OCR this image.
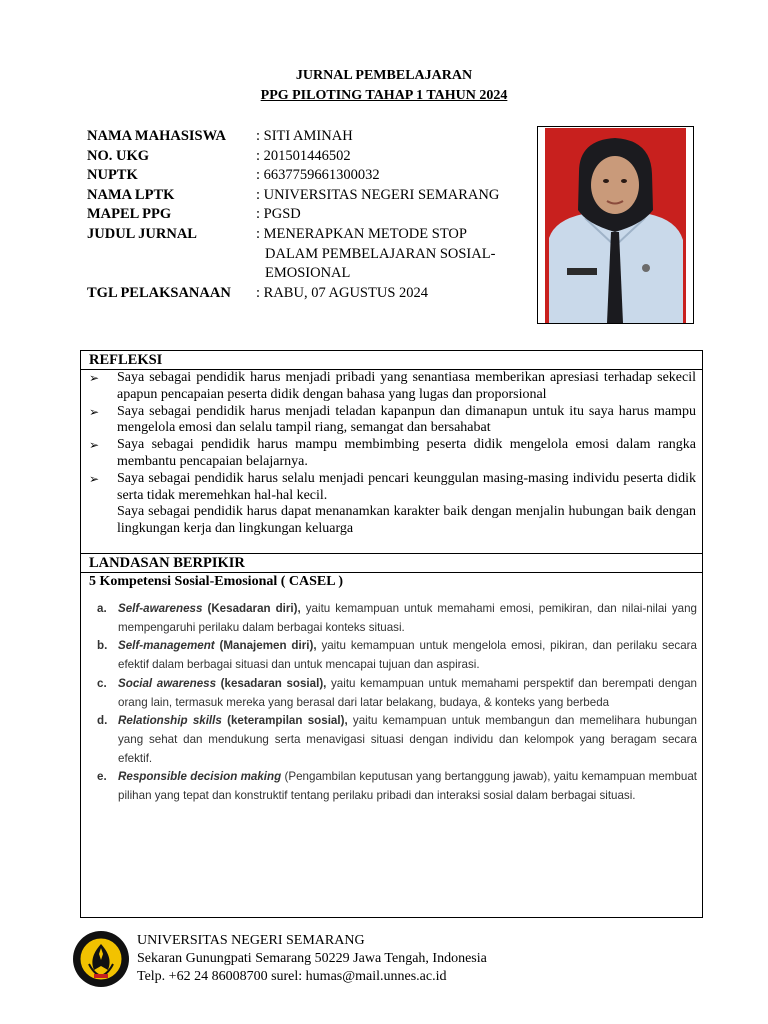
JURNAL PEMBELAJARAN
PPG PILOTING TAHAP 1 TAHUN 2024
NAMA MAHASISWA	: SITI AMINAH
NO. UKG	: 201501446502
NUPTK	: 6637759661300032
NAMA LPTK	: UNIVERSITAS NEGERI SEMARANG
MAPEL PPG	: PGSD
JUDUL JURNAL	: MENERAPKAN METODE STOP
DALAM PEMBELAJARAN SOSIAL-
EMOSIONAL
TGL PELAKSANAAN	: RABU, 07 AGUSTUS 2024
REFLEKSI
➢ Saya sebagai pendidik harus menjadi pribadi yang senantiasa memberikan apresiasi terhadap sekecil apapun pencapaian peserta didik dengan bahasa yang lugas dan proporsional
➢ Saya sebagai pendidik harus menjadi teladan kapanpun dan dimanapun untuk itu saya harus mampu mengelola emosi dan selalu tampil riang, semangat dan bersahabat
➢ Saya sebagai pendidik harus mampu membimbing peserta didik mengelola emosi dalam rangka membantu pencapaian belajarnya.
➢ Saya sebagai pendidik harus selalu menjadi pencari keunggulan masing-masing individu peserta didik serta tidak meremehkan hal-hal kecil.
Saya sebagai pendidik harus dapat menanamkan karakter baik dengan menjalin hubungan baik dengan lingkungan kerja dan lingkungan keluarga
LANDASAN BERPIKIR
5 Kompetensi Sosial-Emosional ( CASEL )
a. Self-awareness (Kesadaran diri), yaitu kemampuan untuk memahami emosi, pemikiran, dan nilai-nilai yang mempengaruhi perilaku dalam berbagai konteks situasi.
b. Self-management (Manajemen diri), yaitu kemampuan untuk mengelola emosi, pikiran, dan perilaku secara efektif dalam berbagai situasi dan untuk mencapai tujuan dan aspirasi.
c. Social awareness (kesadaran sosial), yaitu kemampuan untuk memahami perspektif dan berempati dengan orang lain, termasuk mereka yang berasal dari latar belakang, budaya, & konteks yang berbeda
d. Relationship skills (keterampilan sosial), yaitu kemampuan untuk membangun dan memelihara hubungan yang sehat dan mendukung serta menavigasi situasi dengan individu dan kelompok yang beragam secara efektif.
e. Responsible decision making (Pengambilan keputusan yang bertanggung jawab), yaitu kemampuan membuat pilihan yang tepat dan konstruktif tentang perilaku pribadi dan interaksi sosial dalam berbagai situasi.
UNIVERSITAS NEGERI SEMARANG
Sekaran Gunungpati Semarang 50229 Jawa Tengah, Indonesia
Telp. +62 24 86008700 surel: humas@mail.unnes.ac.id
